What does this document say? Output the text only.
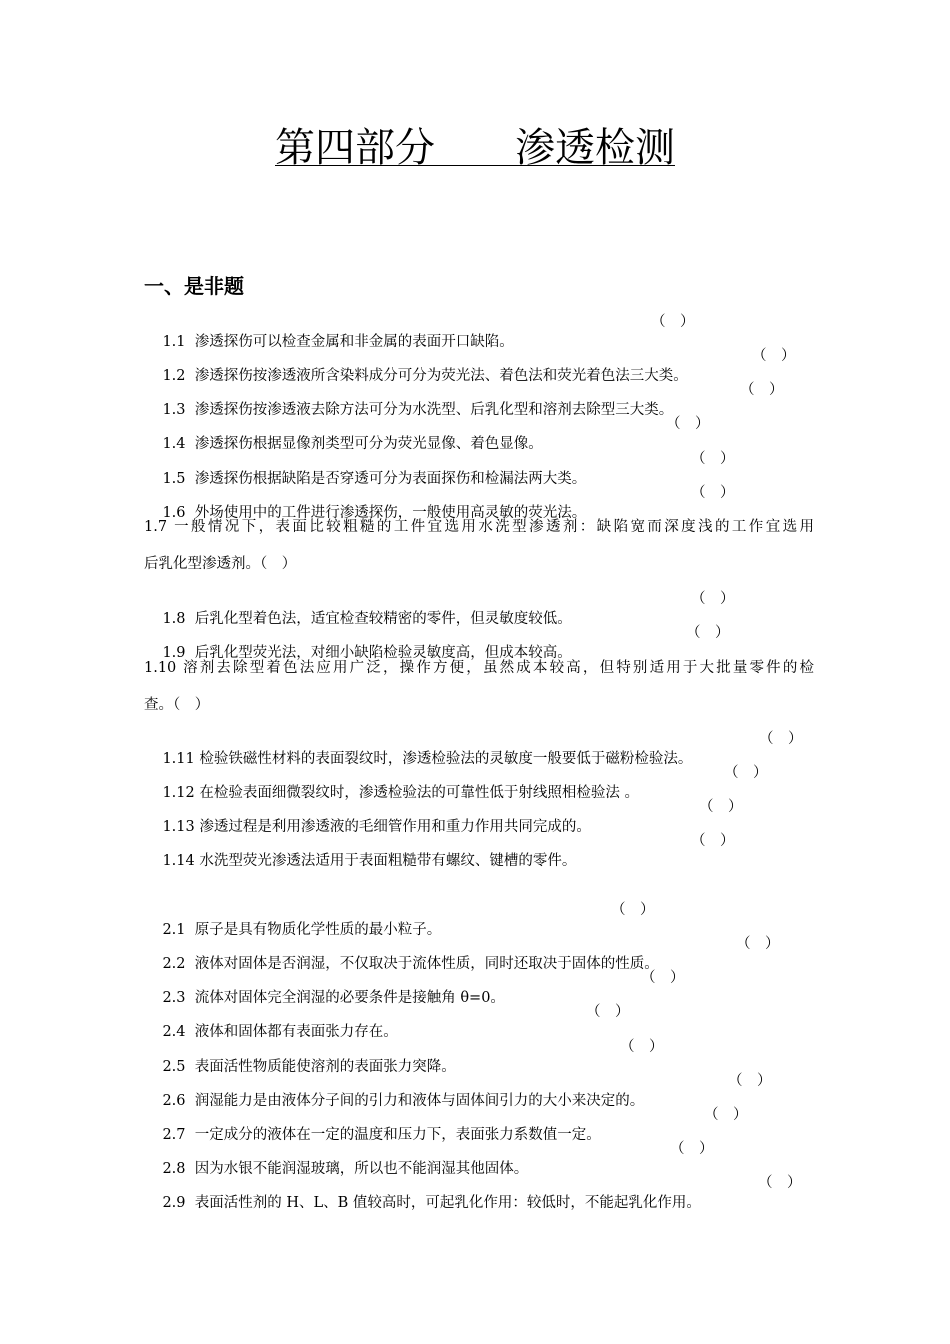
第四部分　　渗透检测
一、是非题

1.1 渗透探伤可以检查金属和非金属的表面开口缺陷。

（　）

1.2 渗透探伤按渗透液所含染料成分可分为荧光法、着色法和荧光着色法三大类。

（　）

1.3 渗透探伤按渗透液去除方法可分为水洗型、后乳化型和溶剂去除型三大类。

（　）

1.4 渗透探伤根据显像剂类型可分为荧光显像、着色显像。

（　）

1.5 渗透探伤根据缺陷是否穿透可分为表面探伤和检漏法两大类。

（　）

1.6 外场使用中的工件进行渗透探伤，一般使用高灵敏的荧光法。

（　）

1.7 一般情况下，表面比较粗糙的工件宜选用水洗型渗透剂：缺陷宽而深度浅的工作宜选用
后乳化型渗透剂。（　）

1.8 后乳化型着色法，适宜检查较精密的零件，但灵敏度较低。

（　）

1.9 后乳化型荧光法，对细小缺陷检验灵敏度高，但成本较高。

（　）

1.10 溶剂去除型着色法应用广泛，操作方便，虽然成本较高，但特别适用于大批量零件的检
查。（　）

1.11 检验铁磁性材料的表面裂纹时，渗透检验法的灵敏度一般要低于磁粉检验法。

（　）

1.12 在检验表面细微裂纹时，渗透检验法的可靠性低于射线照相检验法 。

（　）

1.13 渗透过程是利用渗透液的毛细管作用和重力作用共同完成的。

（　）

1.14 水洗型荧光渗透法适用于表面粗糙带有螺纹、键槽的零件。

（　）

2.1 原子是具有物质化学性质的最小粒子。

（　）

2.2 液体对固体是否润湿，不仅取决于流体性质，同时还取决于固体的性质。

（　）

2.3 流体对固体完全润湿的必要条件是接触角 θ=0。

（　）

2.4 液体和固体都有表面张力存在。

（　）

2.5 表面活性物质能使溶剂的表面张力突降。

（　）

2.6 润湿能力是由液体分子间的引力和液体与固体间引力的大小来决定的。

（　）

2.7 一定成分的液体在一定的温度和压力下，表面张力系数值一定。

（　）

2.8 因为水银不能润湿玻璃，所以也不能润湿其他固体。

（　）

2.9 表面活性剂的 H、L、B 值较高时，可起乳化作用：较低时，不能起乳化作用。

（　）
